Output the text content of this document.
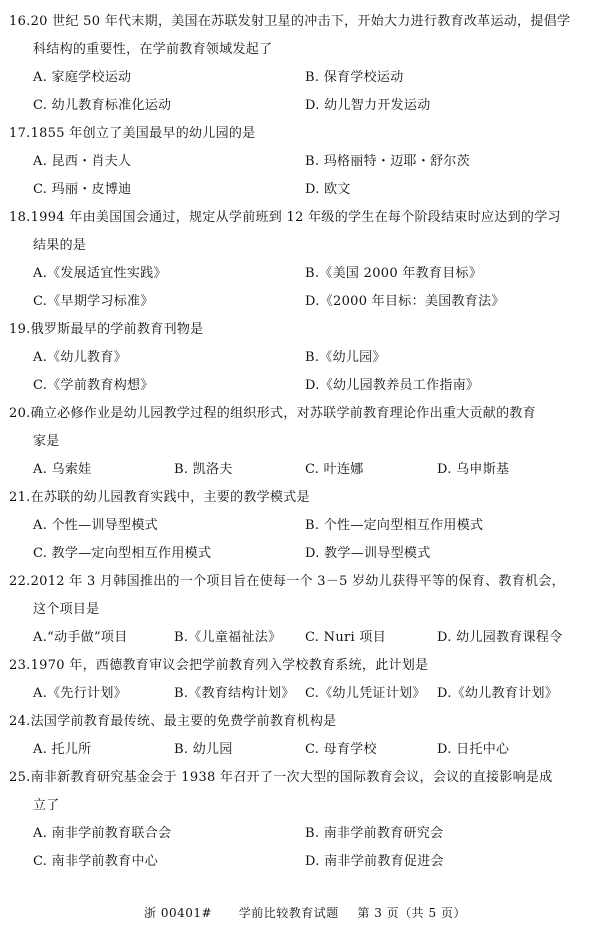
16.20 世纪 50 年代末期，美国在苏联发射卫星的冲击下，开始大力进行教育改革运动，提倡学
科结构的重要性，在学前教育领域发起了
A. 家庭学校运动	B. 保育学校运动
C. 幼儿教育标准化运动	D. 幼儿智力开发运动
17.1855 年创立了美国最早的幼儿园的是
A. 昆西・肖夫人	B. 玛格丽特・迈耶・舒尔茨
C. 玛丽・皮博迪	D. 欧文
18.1994 年由美国国会通过，规定从学前班到 12 年级的学生在每个阶段结束时应达到的学习
结果的是
A.《发展适宜性实践》	B.《美国 2000 年教育目标》
C.《早期学习标准》	D.《2000 年目标：美国教育法》
19.俄罗斯最早的学前教育刊物是
A.《幼儿教育》	B.《幼儿园》
C.《学前教育构想》	D.《幼儿园教养员工作指南》
20.确立必修作业是幼儿园教学过程的组织形式，对苏联学前教育理论作出重大贡献的教育
家是
A. 乌索娃	B. 凯洛夫	C. 叶连娜	D. 乌申斯基
21.在苏联的幼儿园教育实践中，主要的教学模式是
A. 个性—训导型模式	B. 个性—定向型相互作用模式
C. 教学—定向型相互作用模式	D. 教学—训导型模式
22.2012 年 3 月韩国推出的一个项目旨在使每一个 3－5 岁幼儿获得平等的保育、教育机会，
这个项目是
A.“动手做”项目	B.《儿童福祉法》 C. Nuri 项目	D. 幼儿园教育课程令
23.1970 年，西德教育审议会把学前教育列入学校教育系统，此计划是
A.《先行计划》	B.《教育结构计划》 C.《幼儿凭证计划》 D.《幼儿教育计划》
24.法国学前教育最传统、最主要的免费学前教育机构是
A. 托儿所	B. 幼儿园	C. 母育学校	D. 日托中心
25.南非新教育研究基金会于 1938 年召开了一次大型的国际教育会议，会议的直接影响是成
立了
A. 南非学前教育联合会	B. 南非学前教育研究会
C. 南非学前教育中心	D. 南非学前教育促进会
浙 00401# 学前比较教育试题 第 3 页（共 5 页）
